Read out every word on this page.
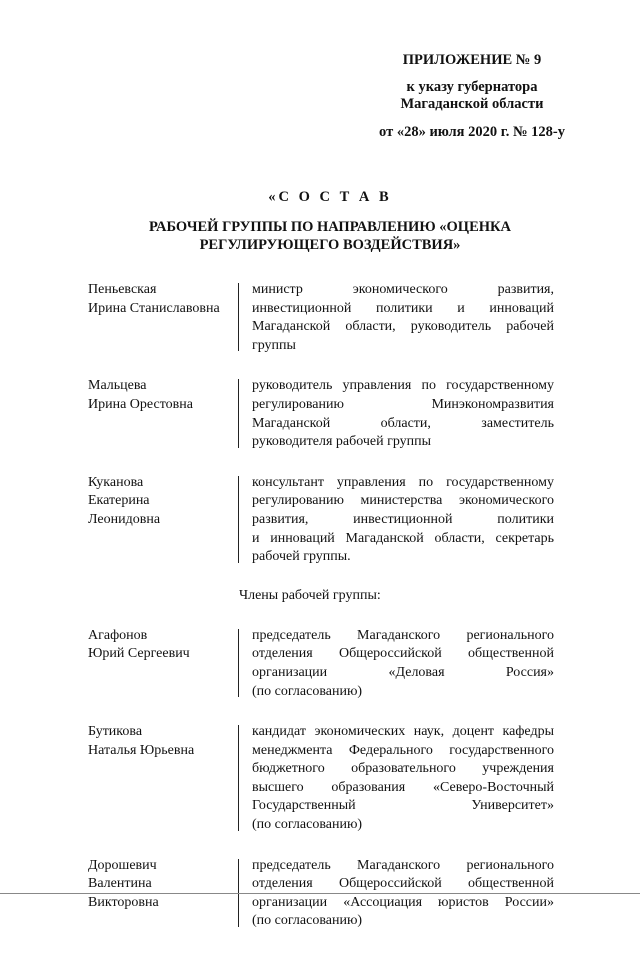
ПРИЛОЖЕНИЕ № 9
к указу губернатора
Магаданской области
от «28» июля 2020 г. № 128-у
«С О С Т А В
РАБОЧЕЙ ГРУППЫ ПО НАПРАВЛЕНИЮ «ОЦЕНКА
РЕГУЛИРУЮЩЕГО ВОЗДЕЙСТВИЯ»
Пеньевская
Ирина Станиславовна
министр экономического развития,
инвестиционной политики и инноваций
Магаданской области, руководитель рабочей
группы
Мальцева
Ирина Орестовна
руководитель управления по государственному
регулированию Минэкономразвития
Магаданской области, заместитель
руководителя рабочей группы
Куканова
Екатерина
Леонидовна
консультант управления по государственному
регулированию министерства экономического
развития, инвестиционной политики
и инноваций Магаданской области, секретарь
рабочей группы.
Члены рабочей группы:
Агафонов
Юрий Сергеевич
председатель Магаданского регионального
отделения Общероссийской общественной
организации «Деловая Россия»
(по согласованию)
Бутикова
Наталья Юрьевна
кандидат экономических наук, доцент кафедры
менеджмента Федерального государственного
бюджетного образовательного учреждения
высшего образования «Северо-Восточный
Государственный Университет»
(по согласованию)
Дорошевич
Валентина
Викторовна
председатель Магаданского регионального
отделения Общероссийской общественной
организации «Ассоциация юристов России»
(по согласованию)
